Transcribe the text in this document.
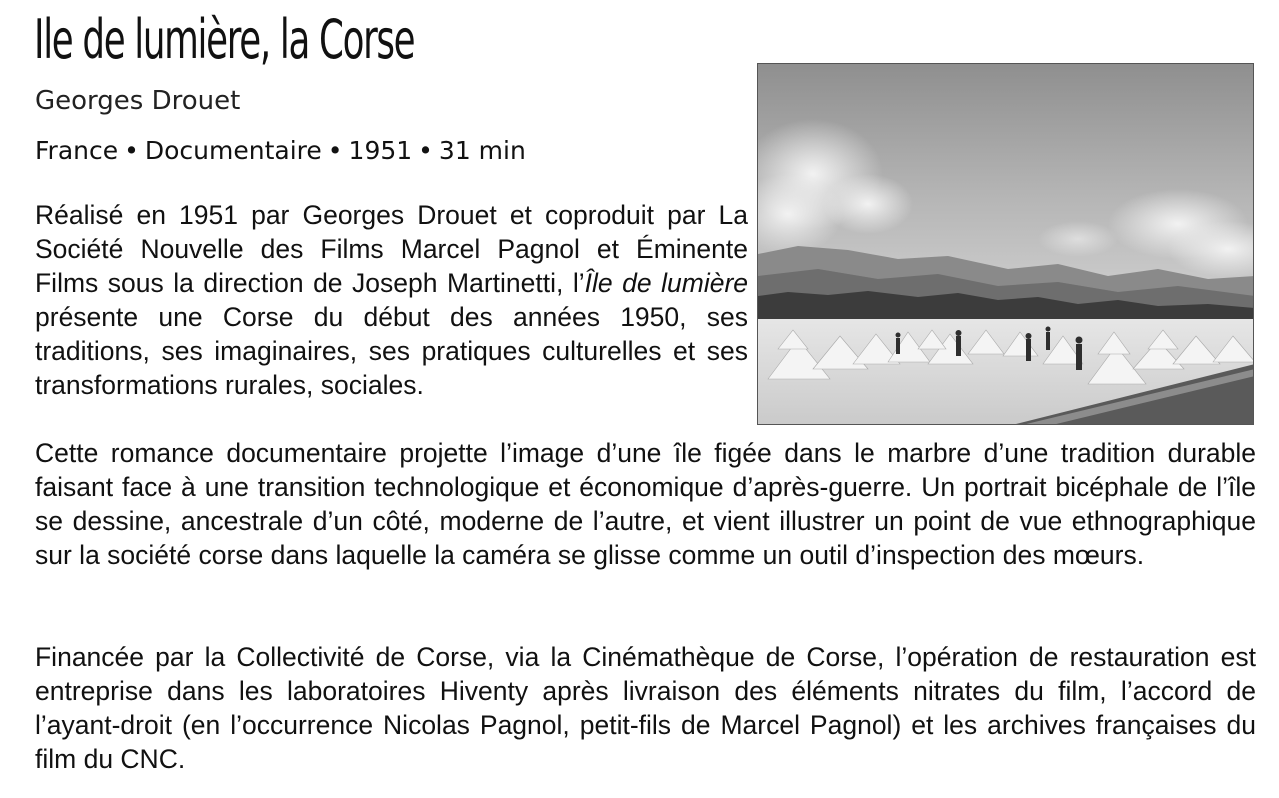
Ile de lumière, la Corse
Georges Drouet
France • Documentaire • 1951 • 31 min

Réalisé en 1951 par Georges Drouet et coproduit par La Société Nouvelle des Films Marcel Pagnol et Éminente Films sous la direction de Joseph Martinetti, l’Île de lumière présente une Corse du début des années 1950, ses traditions, ses imaginaires, ses pratiques culturelles et ses transformations rurales, sociales.

Cette romance documentaire projette l’image d’une île figée dans le marbre d’une tradition durable faisant face à une transition technologique et économique d’après-guerre. Un portrait bicéphale de l’île se dessine, ancestrale d’un côté, moderne de l’autre, et vient illustrer un point de vue ethnographique sur la société corse dans laquelle la caméra se glisse comme un outil d’inspection des mœurs.

Financée par la Collectivité de Corse, via la Cinémathèque de Corse, l’opération de restauration est entreprise dans les laboratoires Hiventy après livraison des éléments nitrates du film, l’accord de l’ayant-droit (en l’occurrence Nicolas Pagnol, petit-fils de Marcel Pagnol) et les archives françaises du film du CNC.
